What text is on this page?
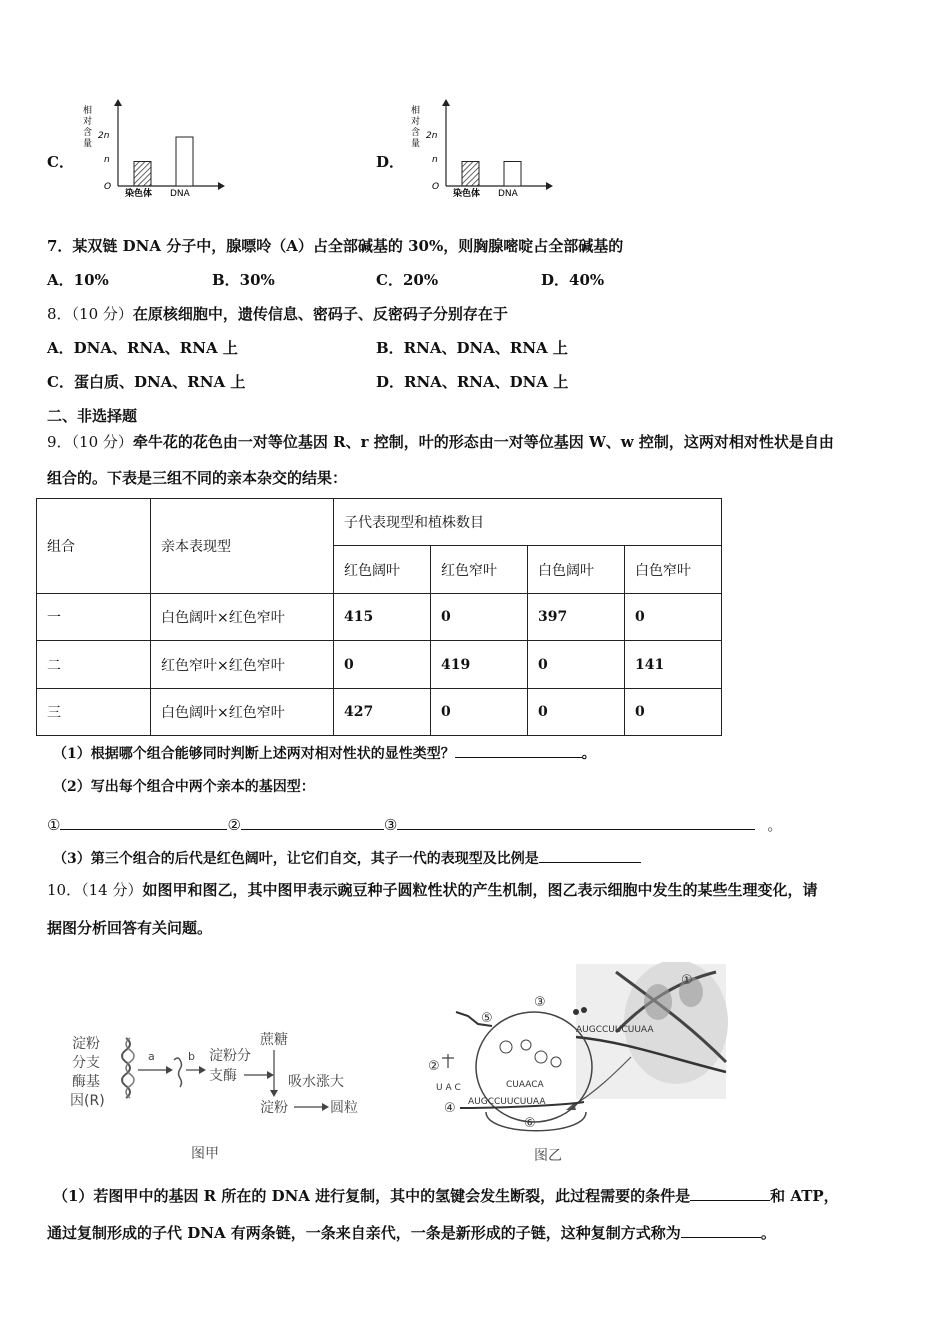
C．
相
对
含
量
O
2n
n
染色体 DNA
D．
相
对
含
量
O
2n
n
染色体 DNA
7．某双链 DNA 分子中，腺嘌呤（A）占全部碱基的 30%，则胸腺嘧啶占全部碱基的
A．10%	B．30%	C．20%	D．40%
8．（10 分）在原核细胞中，遗传信息、密码子、反密码子分别存在于
A．DNA、RNA、RNA 上	B．RNA、DNA、RNA 上
C．蛋白质、DNA、RNA 上	D．RNA、RNA、DNA 上
二、非选择题
9．（10 分）牵牛花的花色由一对等位基因 R、r 控制，叶的形态由一对等位基因 W、w 控制，这两对相对性状是自由
组合的。下表是三组不同的亲本杂交的结果：
组合	亲本表现型	子代表现型和植株数目			
		红色阔叶	红色窄叶	白色阔叶	白色窄叶
一	白色阔叶×红色窄叶	415	0	397	0
二	红色窄叶×红色窄叶	0	419	0	141
三	白色阔叶×红色窄叶	427	0	0	0
（1）根据哪个组合能够同时判断上述两对相对性状的显性类型？	。
（2）写出每个组合中两个亲本的基因型：
①	②	③	。
（3）第三个组合的后代是红色阔叶，让它们自交，其子一代的表现型及比例是
10．（14 分）如图甲和图乙，其中图甲表示豌豆种子圆粒性状的产生机制，图乙表示细胞中发生的某些生理变化，请
据图分析回答有关问题。
淀粉
分支
酶基
因(R)
a	b 淀粉分
支酶
蔗糖
吸水涨大
淀粉	圆粒
图甲
①
AUGCCUUCUUAA
③
⑤
CUAACA
②
U A C
④ AUGCCUUCUUAA
⑥
图乙
（1）若图甲中的基因 R 所在的 DNA 进行复制，其中的氢键会发生断裂，此过程需要的条件是	和 ATP，
通过复制形成的子代 DNA 有两条链，一条来自亲代，一条是新形成的子链，这种复制方式称为	。
